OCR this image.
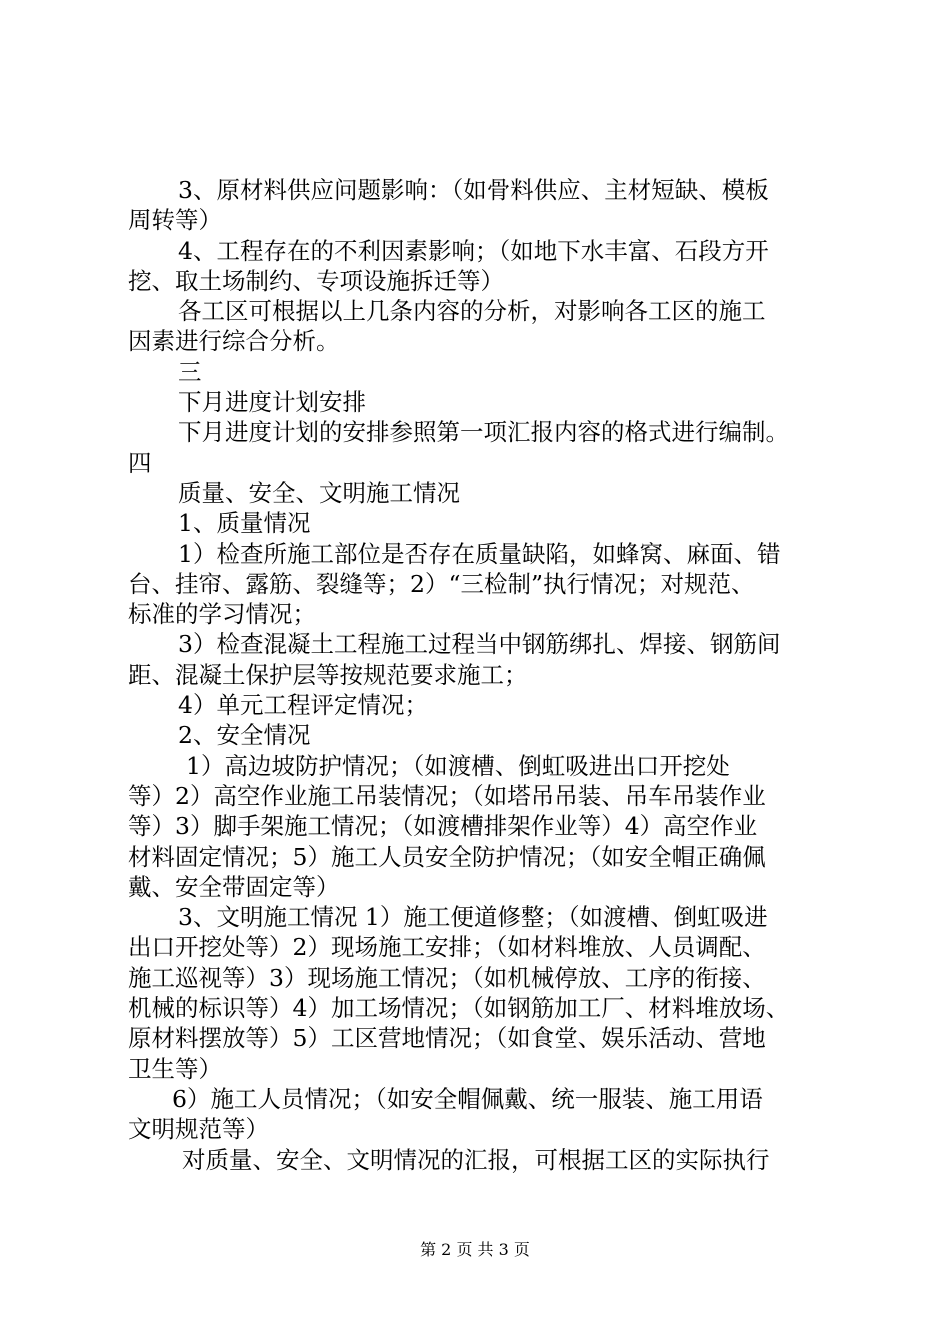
3、原材料供应问题影响：（如骨料供应、主材短缺、模板
周转等）
4、工程存在的不利因素影响；（如地下水丰富、石段方开
挖、取土场制约、专项设施拆迁等）
各工区可根据以上几条内容的分析，对影响各工区的施工
因素进行综合分析。
三
下月进度计划安排
下月进度计划的安排参照第一项汇报内容的格式进行编制。
四
质量、安全、文明施工情况
1、质量情况
1）检查所施工部位是否存在质量缺陷，如蜂窝、麻面、错
台、挂帘、露筋、裂缝等；2）“三检制”执行情况；对规范、
标准的学习情况；
3）检查混凝土工程施工过程当中钢筋绑扎、焊接、钢筋间
距、混凝土保护层等按规范要求施工；
4）单元工程评定情况；
2、安全情况
1）高边坡防护情况；（如渡槽、倒虹吸进出口开挖处
等）2）高空作业施工吊装情况；（如塔吊吊装、吊车吊装作业
等）3）脚手架施工情况；（如渡槽排架作业等）4）高空作业
材料固定情况；5）施工人员安全防护情况；（如安全帽正确佩
戴、安全带固定等）
3、文明施工情况 1）施工便道修整；（如渡槽、倒虹吸进
出口开挖处等）2）现场施工安排；（如材料堆放、人员调配、
施工巡视等）3）现场施工情况；（如机械停放、工序的衔接、
机械的标识等）4）加工场情况；（如钢筋加工厂、材料堆放场、
原材料摆放等）5）工区营地情况；（如食堂、娱乐活动、营地
卫生等）
6）施工人员情况；（如安全帽佩戴、统一服装、施工用语
文明规范等）
对质量、安全、文明情况的汇报，可根据工区的实际执行
第 2 页 共 3 页
